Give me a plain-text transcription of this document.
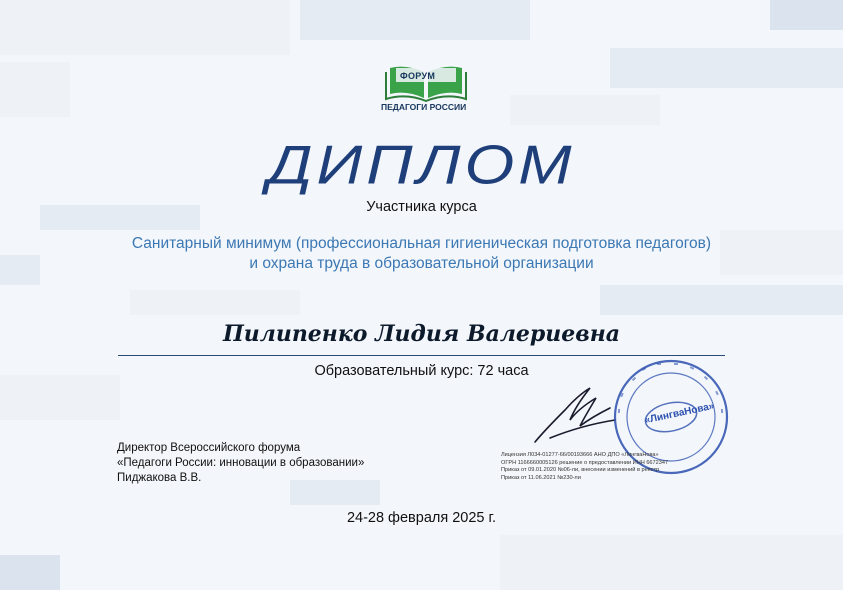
ФОРУМ
ПЕДАГОГИ РОССИИ
ДИПЛОМ
Участника курса
Санитарный минимум (профессиональная гигиеническая подготовка педагогов)
и охрана труда в образовательной организации
Пилипенко Лидия Валериевна
Образовательный курс: 72 часа
Директор Всероссийского форума
«Педагоги России: инновации в образовании»
Пиджакова В.В.
«ЛингваНова»
Лицензия Л034-01277-66/00193666 АНО ДПО «ЛингваНова»
ОГРН 1166660005126 решение о предоставлении ИНН 6672347
Приказ от 09.01.2020 №06-ли, внесении изменений в реестр
Приказ от 11.06.2021 №230-ли
24-28 февраля 2025 г.
